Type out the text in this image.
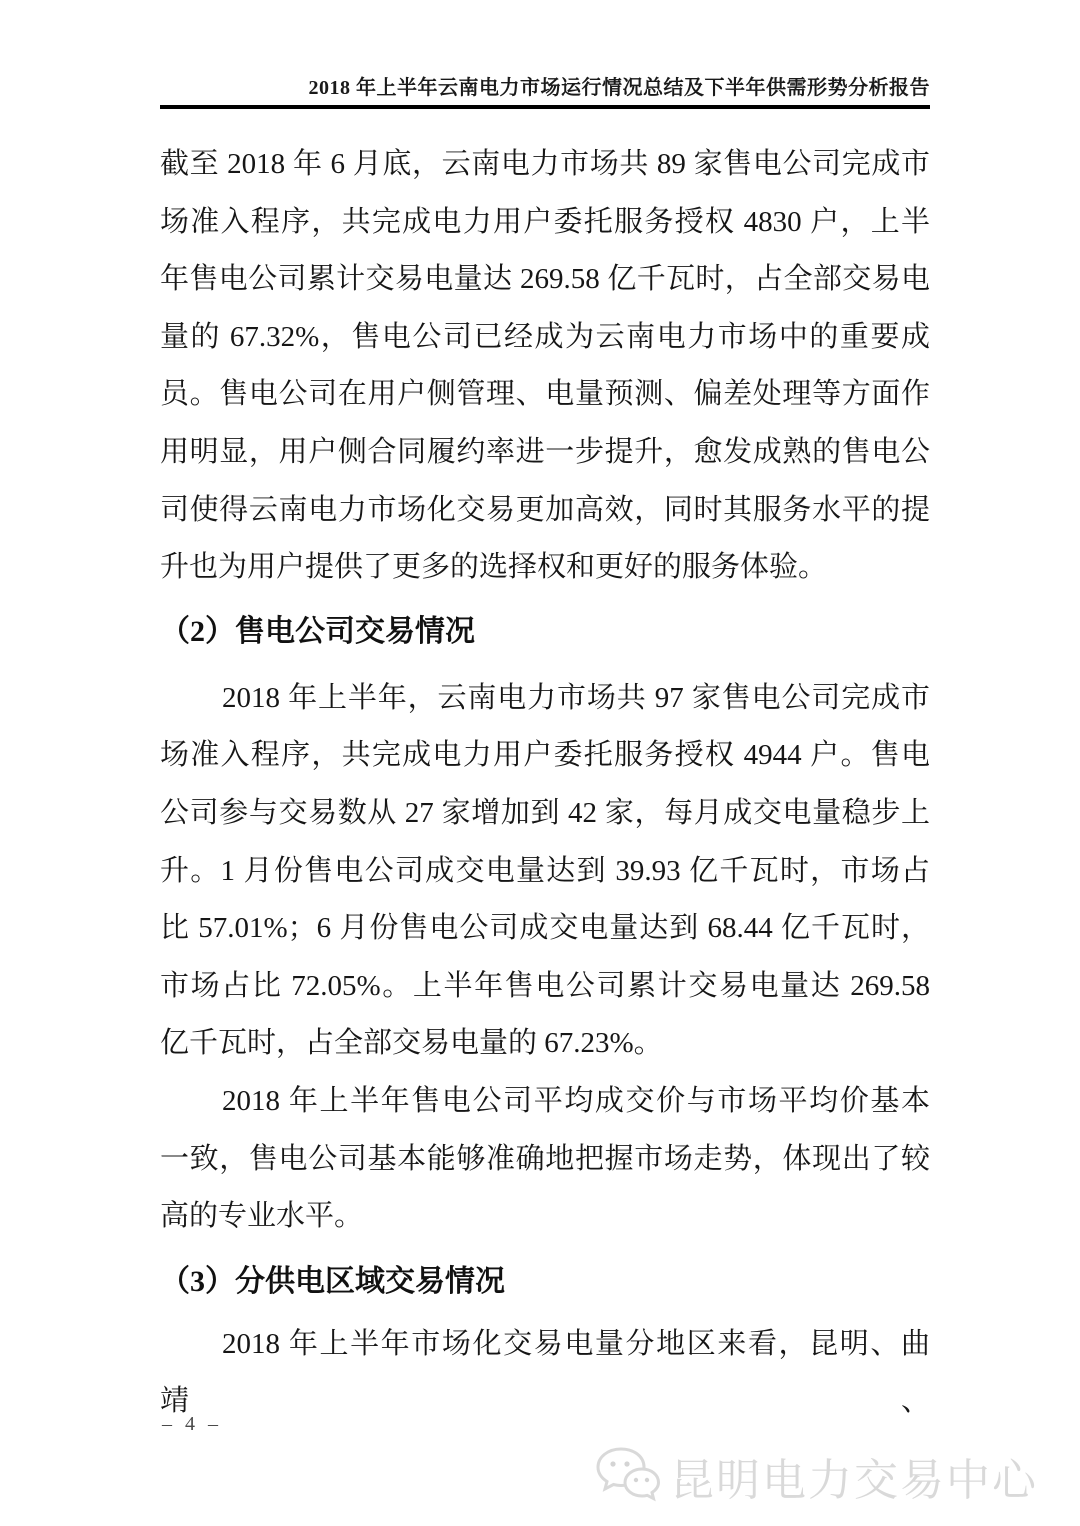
2018 年上半年云南电力市场运行情况总结及下半年供需形势分析报告
截至 2018 年 6 月底，云南电力市场共 89 家售电公司完成市
场准入程序，共完成电力用户委托服务授权 4830 户，上半
年售电公司累计交易电量达 269.58 亿千瓦时，占全部交易电
量的 67.32%，售电公司已经成为云南电力市场中的重要成
员。售电公司在用户侧管理、电量预测、偏差处理等方面作
用明显，用户侧合同履约率进一步提升，愈发成熟的售电公
司使得云南电力市场化交易更加高效，同时其服务水平的提
升也为用户提供了更多的选择权和更好的服务体验。
（2）售电公司交易情况
2018 年上半年，云南电力市场共 97 家售电公司完成市
场准入程序，共完成电力用户委托服务授权 4944 户。售电
公司参与交易数从 27 家增加到 42 家，每月成交电量稳步上
升。1 月份售电公司成交电量达到 39.93 亿千瓦时，市场占
比 57.01%；6 月份售电公司成交电量达到 68.44 亿千瓦时，
市场占比 72.05%。上半年售电公司累计交易电量达 269.58
亿千瓦时，占全部交易电量的 67.23%。
2018 年上半年售电公司平均成交价与市场平均价基本
一致，售电公司基本能够准确地把握市场走势，体现出了较
高的专业水平。
（3）分供电区域交易情况
2018 年上半年市场化交易电量分地区来看，昆明、曲靖、
– 4 –
昆明电力交易中心
